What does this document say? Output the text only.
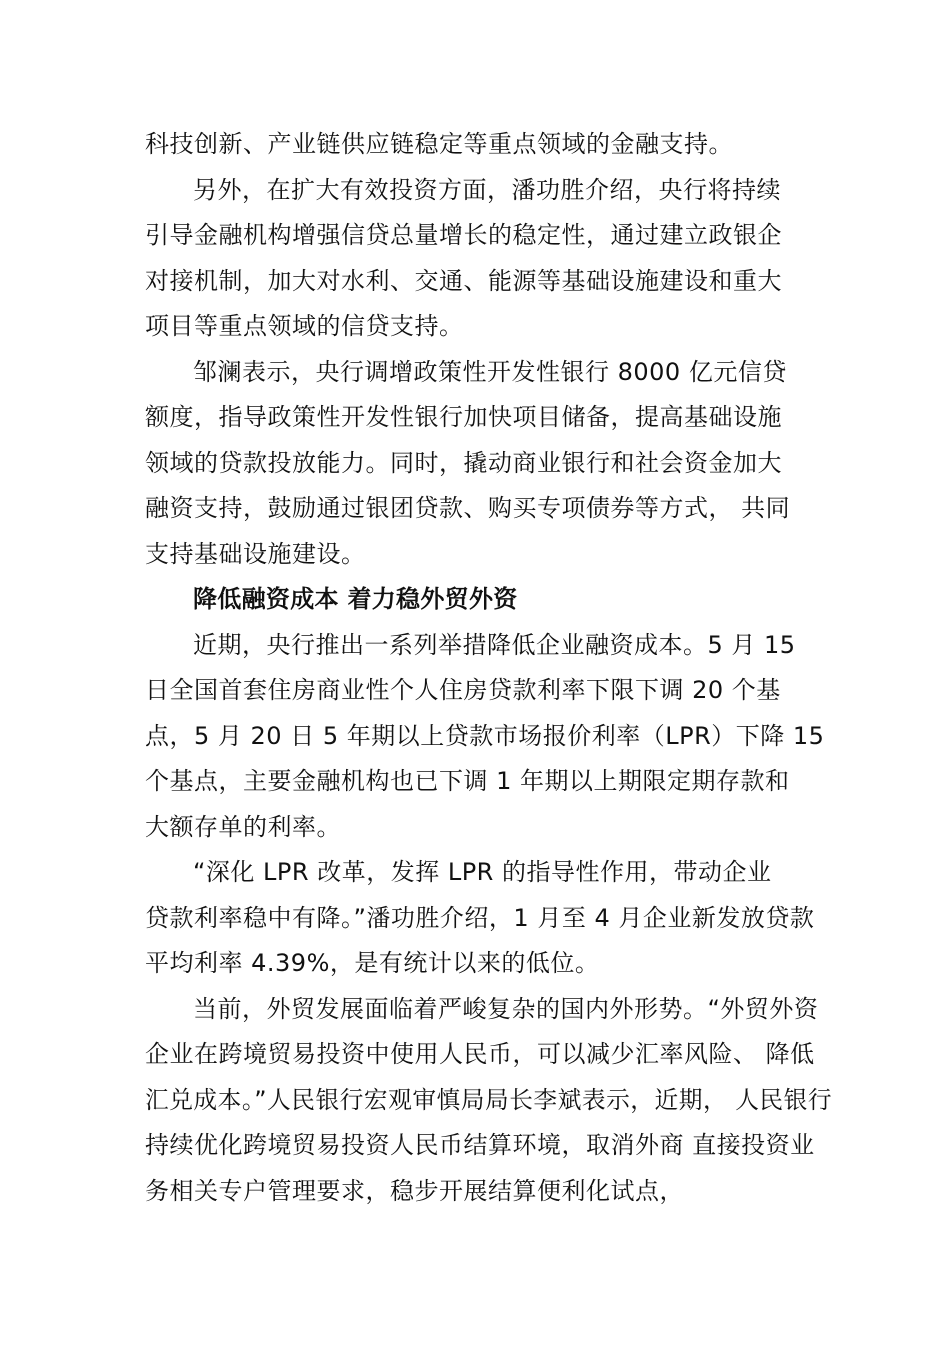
科技创新、产业链供应链稳定等重点领域的金融支持。
另外，在扩大有效投资方面，潘功胜介绍，央行将持续
引导金融机构增强信贷总量增长的稳定性，通过建立政银企
对接机制，加大对水利、交通、能源等基础设施建设和重大
项目等重点领域的信贷支持。
邹澜表示，央行调增政策性开发性银行 8000 亿元信贷
额度，指导政策性开发性银行加快项目储备，提高基础设施
领域的贷款投放能力。同时，撬动商业银行和社会资金加大
融资支持，鼓励通过银团贷款、购买专项债券等方式， 共同
支持基础设施建设。
降低融资成本 着力稳外贸外资
近期，央行推出一系列举措降低企业融资成本。5 月 15
日全国首套住房商业性个人住房贷款利率下限下调 20 个基
点，5 月 20 日 5 年期以上贷款市场报价利率（LPR）下降 15
个基点，主要金融机构也已下调 1 年期以上期限定期存款和
大额存单的利率。
“深化 LPR 改革，发挥 LPR 的指导性作用，带动企业
贷款利率稳中有降。”潘功胜介绍，1 月至 4 月企业新发放贷款
平均利率 4.39%，是有统计以来的低位。
当前，外贸发展面临着严峻复杂的国内外形势。“外贸外资
企业在跨境贸易投资中使用人民币，可以减少汇率风险、 降低
汇兑成本。”人民银行宏观审慎局局长李斌表示，近期， 人民银行
持续优化跨境贸易投资人民币结算环境，取消外商 直接投资业
务相关专户管理要求，稳步开展结算便利化试点，
